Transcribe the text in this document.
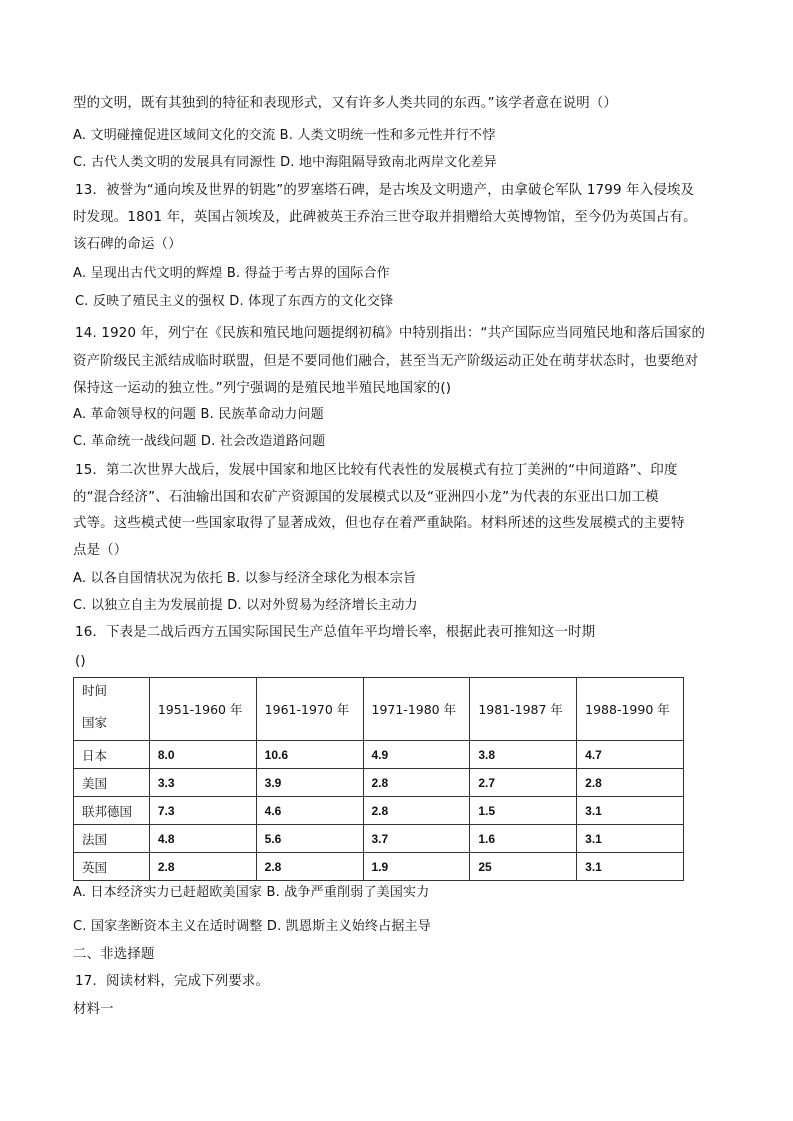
型的文明，既有其独到的特征和表现形式，又有许多人类共同的东西。”该学者意在说明（）
A. 文明碰撞促进区域间文化的交流 B. 人类文明统一性和多元性并行不悖
C. 古代人类文明的发展具有同源性 D. 地中海阻隔导致南北两岸文化差异
13．被誉为“通向埃及世界的钥匙”的罗塞塔石碑，是古埃及文明遗产，由拿破仑军队 1799 年入侵埃及
时发现。1801 年，英国占领埃及，此碑被英王乔治三世夺取并捐赠给大英博物馆，至今仍为英国占有。
该石碑的命运（）
A. 呈现出古代文明的辉煌 B. 得益于考古界的国际合作
C. 反映了殖民主义的强权 D. 体现了东西方的文化交锋
14. 1920 年，列宁在《民族和殖民地问题提纲初稿》中特别指出：“共产国际应当同殖民地和落后国家的
资产阶级民主派结成临时联盟，但是不要同他们融合，甚至当无产阶级运动正处在萌芽状态时，也要绝对
保持这一运动的独立性。”列宁强调的是殖民地半殖民地国家的()
A. 革命领导权的问题 B. 民族革命动力问题
C. 革命统一战线问题 D. 社会改造道路问题
15．第二次世界大战后，发展中国家和地区比较有代表性的发展模式有拉丁美洲的“中间道路”、印度
的“混合经济”、石油输出国和农矿产资源国的发展模式以及“亚洲四小龙”为代表的东亚出口加工模
式等。这些模式使一些国家取得了显著成效，但也存在着严重缺陷。材料所述的这些发展模式的主要特
点是（）
A. 以各自国情状况为依托 B. 以参与经济全球化为根本宗旨
C. 以独立自主为发展前提 D. 以对外贸易为经济增长主动力
16．下表是二战后西方五国实际国民生产总值年平均增长率，根据此表可推知这一时期
()
时间
国家	1951-1960 年	1961-1970 年	1971-1980 年	1981-1987 年	1988-1990 年
日本	8.0	10.6	4.9	3.8	4.7
美国	3.3	3.9	2.8	2.7	2.8
联邦德国	7.3	4.6	2.8	1.5	3.1
法国	4.8	5.6	3.7	1.6	3.1
英国	2.8	2.8	1.9	25	3.1
A. 日本经济实力已赶超欧美国家 B. 战争严重削弱了美国实力
C. 国家垄断资本主义在适时调整 D. 凯恩斯主义始终占据主导
二、非选择题
17．阅读材料，完成下列要求。
材料一
